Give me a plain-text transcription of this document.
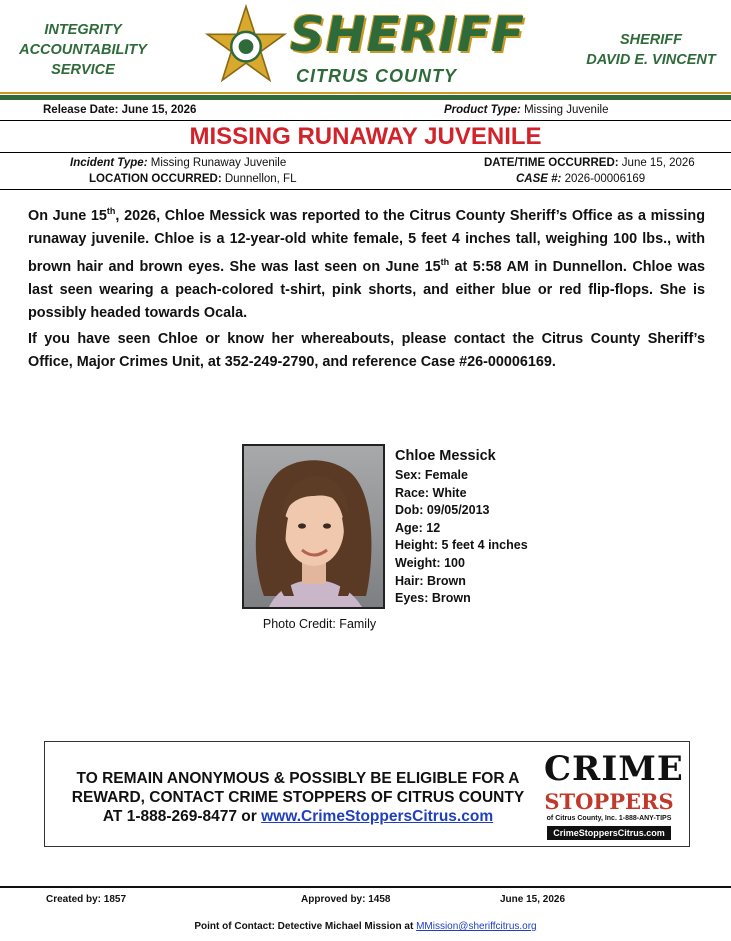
INTEGRITY
ACCOUNTABILITY
SERVICE
SHERIFF
CITRUS COUNTY
SHERIFF
DAVID E. VINCENT
Release Date: June 15, 2026	Product Type: Missing Juvenile
MISSING RUNAWAY JUVENILE
Incident Type: Missing Runaway Juvenile
LOCATION OCCURRED: Dunnellon, FL
DATE/TIME OCCURRED: June 15, 2026
CASE #: 2026-00006169
On June 15th, 2026, Chloe Messick was reported to the Citrus County Sheriff’s Office as a missing runaway juvenile. Chloe is a 12-year-old white female, 5 feet 4 inches tall, weighing 100 lbs., with brown hair and brown eyes. She was last seen on June 15th at 5:58 AM in Dunnellon. Chloe was last seen wearing a peach-colored t-shirt, pink shorts, and either blue or red flip-flops. She is possibly headed towards Ocala.
If you have seen Chloe or know her whereabouts, please contact the Citrus County Sheriff’s Office, Major Crimes Unit, at 352-249-2790, and reference Case #26-00006169.
Photo Credit: Family
Chloe Messick
Sex: Female
Race: White
Dob: 09/05/2013
Age: 12
Height: 5 feet 4 inches
Weight: 100
Hair: Brown
Eyes: Brown
TO REMAIN ANONYMOUS & POSSIBLY BE ELIGIBLE FOR A
REWARD, CONTACT CRIME STOPPERS OF CITRUS COUNTY
AT 1-888-269-8477 or www.CrimeStoppersCitrus.com
CRIME
STOPPERS
of Citrus County, Inc. 1-888-ANY-TIPS
CrimeStoppersCitrus.com
Created by: 1857	Approved by: 1458	June 15, 2026
Point of Contact: Detective Michael Mission at MMission@sheriffcitrus.org
